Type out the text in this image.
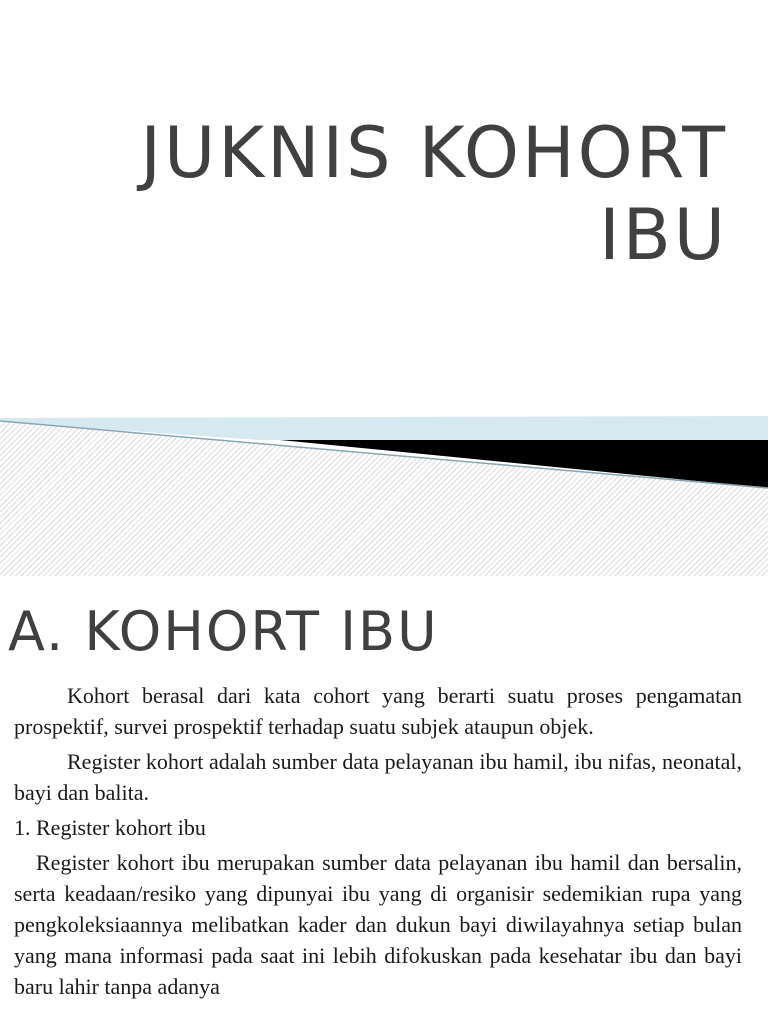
JUKNIS KOHORT
IBU
A. KOHORT IBU

Kohort berasal dari kata cohort yang berarti suatu proses pengamatan prospektif, survei prospektif terhadap suatu subjek ataupun objek.

Register kohort adalah sumber data pelayanan ibu hamil, ibu nifas, neonatal, bayi dan balita.

1. Register kohort ibu

Register kohort ibu merupakan sumber data pelayanan ibu hamil dan bersalin, serta keadaan/resiko yang dipunyai ibu yang di organisir sedemikian rupa yang pengkoleksiaannya melibatkan kader dan dukun bayi diwilayahnya setiap bulan yang mana informasi pada saat ini lebih difokuskan pada kesehatar ibu dan bayi baru lahir tanpa adanya
